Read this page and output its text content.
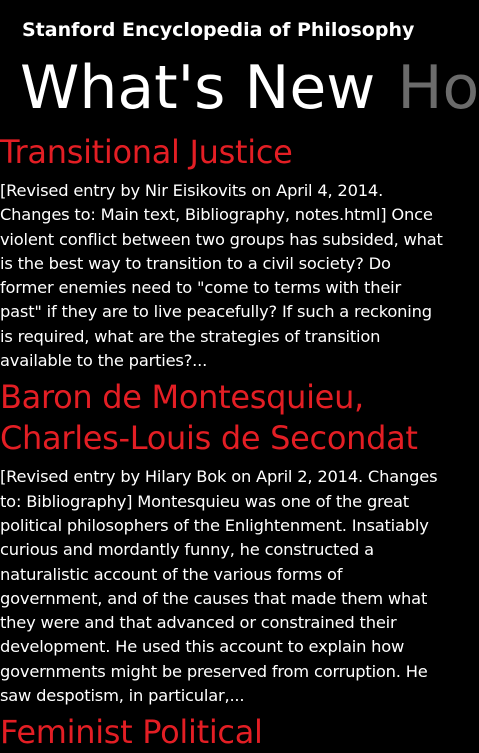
Stanford Encyclopedia of Philosophy
What's New Ho
Transitional Justice

[Revised entry by Nir Eisikovits on April 4, 2014. Changes to: Main text, Bibliography, notes.html] Once violent conflict between two groups has subsided, what is the best way to transition to a civil society? Do former enemies need to "come to terms with their past" if they are to live peacefully? If such a reckoning is required, what are the strategies of transition available to the parties?...

Baron de Montesquieu, Charles-Louis de Secondat

[Revised entry by Hilary Bok on April 2, 2014. Changes to: Bibliography] Montesquieu was one of the great political philosophers of the Enlightenment. Insatiably curious and mordantly funny, he constructed a naturalistic account of the various forms of government, and of the causes that made them what they were and that advanced or constrained their development. He used this account to explain how governments might be preserved from corruption. He saw despotism, in particular,...

Feminist Political
